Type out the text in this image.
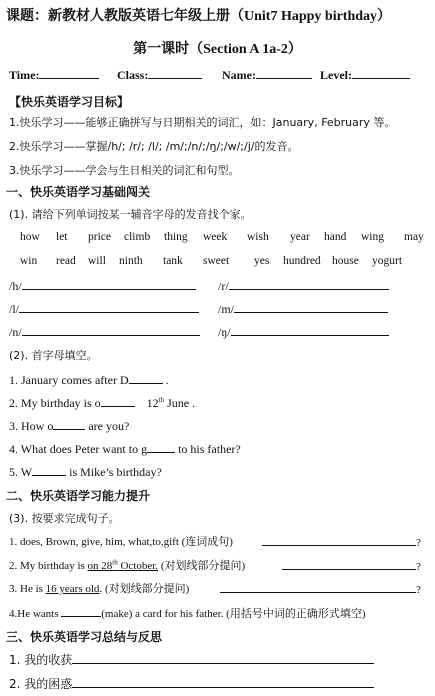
课题：新教材人教版英语七年级上册（Unit7 Happy birthday）
第一课时（Section A 1a-2）
Time:	Class:	Name:	Level:
【快乐英语学习目标】
1.快乐学习——能够正确拼写与日期相关的词汇，如：January, February 等。
2.快乐学习——掌握/h/; /r/; /l/; /m/;/n/;/ŋ/;/w/;/j/的发音。
3.快乐学习——学会与生日相关的词汇和句型。
一、快乐英语学习基础闯关
(1). 请给下列单词按某一辅音字母的发音找个家。
how let price climb thing week wish year hand wing may
win read will ninth tank sweet yes hundred house yogurt
/h/	/r/
/l/	/m/
/n/	/ŋ/
(2). 首字母填空。
1. January comes after D	.
2. My birthday is o	12th June .
3. How o	are you?
4. What does Peter want to g to his father?
5. W	is Mike’s birthday?
二、快乐英语学习能力提升
(3). 按要求完成句子。
1. does, Brown, give, him, what,to,gift (连词成句)	?
2. My birthday is on 28th October. (对划线部分提问)	?
3. He is 16 years old. (对划线部分提问)	?
4.He wants	(make) a card for his father. (用括号中词的正确形式填空)
三、快乐英语学习总结与反思
1. 我的收获
2. 我的困惑
